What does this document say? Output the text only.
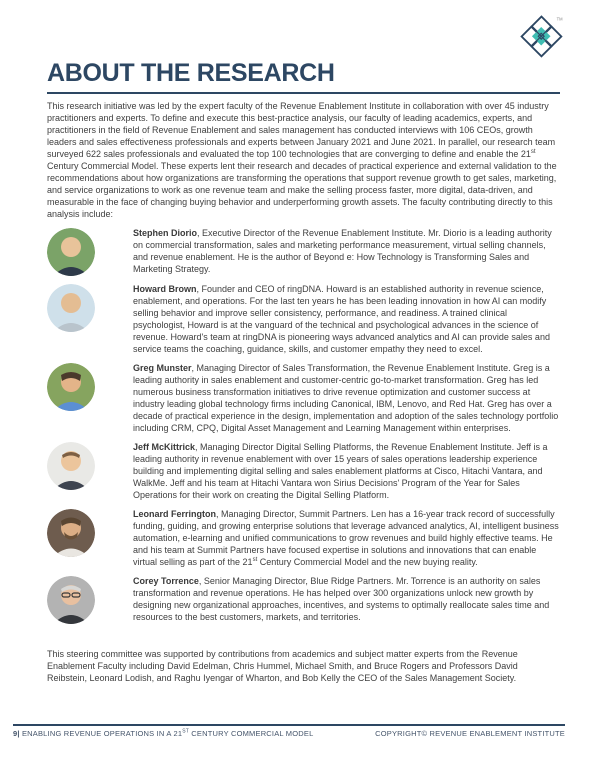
TM
ABOUT THE RESEARCH

This research initiative was led by the expert faculty of the Revenue Enablement Institute in collaboration with over 45 industry practitioners and experts. To define and execute this best-practice analysis, our faculty of leading academics, experts, and practitioners in the field of Revenue Enablement and sales management has conducted interviews with 106 CEOs, growth leaders and sales effectiveness professionals and experts between January 2021 and June 2021. In parallel, our research team surveyed 622 sales professionals and evaluated the top 100 technologies that are converging to define and enable the 21st Century Commercial Model. These experts lent their research and decades of practical experience and external validation to the recommendations about how organizations are transforming the operations that support revenue growth to get sales, marketing, and service organizations to work as one revenue team and make the selling process faster, more digital, data-driven, and measurable in the face of changing buying behavior and underperforming growth assets. The faculty contributing directly to this analysis include:

Stephen Diorio, Executive Director of the Revenue Enablement Institute. Mr. Diorio is a leading authority on commercial transformation, sales and marketing performance measurement, virtual selling channels, and revenue enablement. He is the author of Beyond e: How Technology is Transforming Sales and Marketing Strategy.

Howard Brown, Founder and CEO of ringDNA. Howard is an established authority in revenue science, enablement, and operations. For the last ten years he has been leading innovation in how AI can modify selling behavior and improve seller consistency, performance, and readiness. A trained clinical psychologist, Howard is at the vanguard of the technical and psychological advances in the science of revenue. Howard's team at ringDNA is pioneering ways advanced analytics and AI can provide sales and service teams the coaching, guidance, skills, and customer empathy they need to excel.

Greg Munster, Managing Director of Sales Transformation, the Revenue Enablement Institute. Greg is a leading authority in sales enablement and customer-centric go-to-market transformation. Greg has led numerous business transformation initiatives to drive revenue optimization and customer success at industry leading global technology firms including Canonical, IBM, Lenovo, and Red Hat. Greg has over a decade of practical experience in the design, implementation and adoption of the sales technology portfolio including CRM, CPQ, Digital Asset Management and Learning Management within enterprises.

Jeff McKittrick, Managing Director Digital Selling Platforms, the Revenue Enablement Institute. Jeff is a leading authority in revenue enablement with over 15 years of sales operations leadership experience building and implementing digital selling and sales enablement platforms at Cisco, Hitachi Vantara, and WalkMe. Jeff and his team at Hitachi Vantara won Sirius Decisions' Program of the Year for Sales Operations for their work on creating the Digital Selling Platform.

Leonard Ferrington, Managing Director, Summit Partners. Len has a 16-year track record of successfully funding, guiding, and growing enterprise solutions that leverage advanced analytics, AI, intelligent business automation, e-learning and unified communications to grow revenues and build highly effective teams. He and his team at Summit Partners have focused expertise in solutions and innovations that can enable virtual selling as part of the 21st Century Commercial Model and the new buying reality.

Corey Torrence, Senior Managing Director, Blue Ridge Partners. Mr. Torrence is an authority on sales transformation and revenue operations. He has helped over 300 organizations unlock new growth by designing new organizational approaches, incentives, and systems to optimally reallocate sales time and resources to the best customers, markets, and territories.

This steering committee was supported by contributions from academics and subject matter experts from the Revenue Enablement Faculty including David Edelman, Chris Hummel, Michael Smith, and Bruce Rogers and Professors David Reibstein, Leonard Lodish, and Raghu Iyengar of Wharton, and Bob Kelly the CEO of the Sales Management Society.

9| ENABLING REVENUE OPERATIONS IN A 21ST CENTURY COMMERCIAL MODEL	COPYRIGHT© REVENUE ENABLEMENT INSTITUTE
